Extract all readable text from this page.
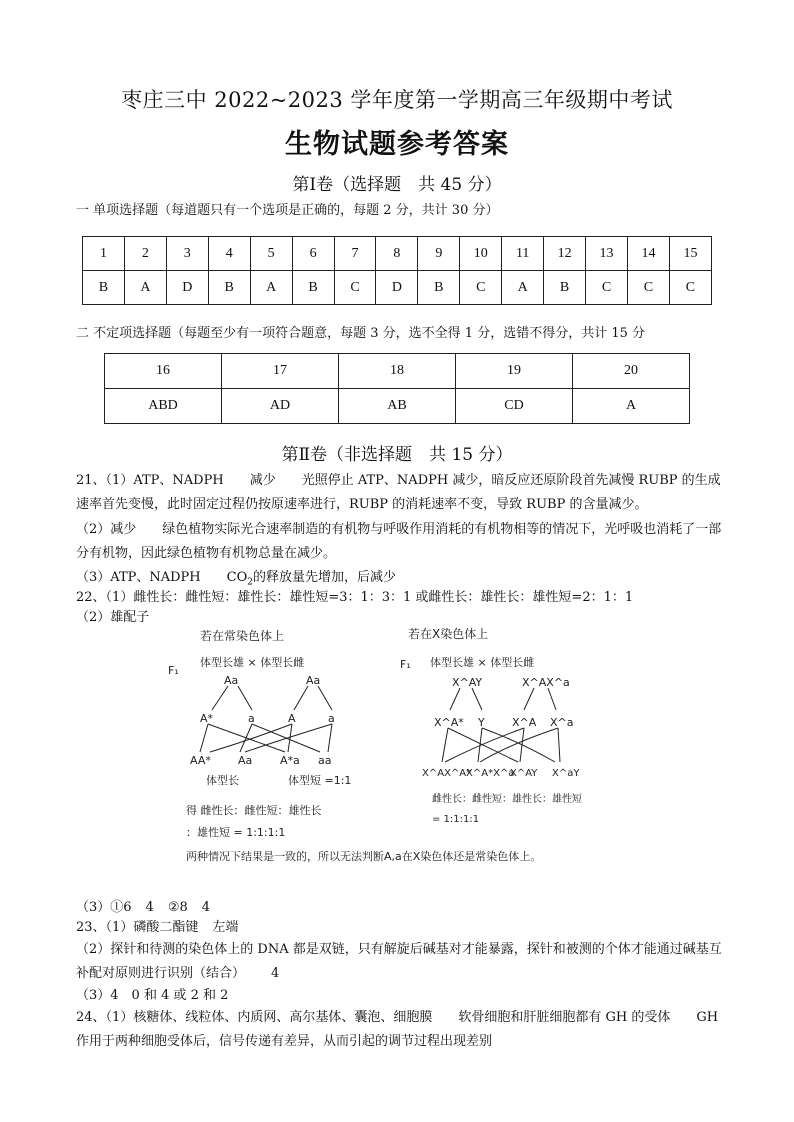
枣庄三中 2022~2023 学年度第一学期高三年级期中考试
生物试题参考答案
第Ⅰ卷（选择题　共 45 分）
一 单项选择题（每道题只有一个选项是正确的，每题 2 分，共计 30 分）
1	2	3	4	5	6	7	8	9	10	11	12	13	14	15
B	A	D	B	A	B	C	D	B	C	A	B	C	C	C
二 不定项选择题（每题至少有一项符合题意，每题 3 分，选不全得 1 分，选错不得分，共计 15 分
16	17	18	19	20
ABD	AD	AB	CD	A
第Ⅱ卷（非选择题　共 15 分）
21、（1）ATP、NADPH 减少 光照停止 ATP、NADPH 减少，暗反应还原阶段首先减慢 RUBP 的生成速率首先变慢，此时固定过程仍按原速率进行，RUBP 的消耗速率不变，导致 RUBP 的含量减少。
（2）减少 绿色植物实际光合速率制造的有机物与呼吸作用消耗的有机物相等的情况下，光呼吸也消耗了一部分有机物，因此绿色植物有机物总量在减少。
（3）ATP、NADPH $CO_2$的释放量先增加，后减少
22、（1）雌性长：雌性短：雄性长：雄性短=3：1：3：1 或雌性长：雄性长：雄性短=2：1：1
（2）雄配子
若在常染色体上	若在X染色体上
F₁	F₁
体型长雄 × 体型长雌	体型长雄 × 体型长雌
Aa	Aa
A*	a	A	a
AA* Aa	A*a aa
体型长	体型短 =1:1
得 雌性长：雌性短：雄性长
：雄性短 = 1:1:1:1
X^AY	X^AX^a
X^A* Y X^A X^a
X^AX^A*
X^A*X^a
X^AY X^aY
雌性长：雌性短：雄性长：雄性短
= 1:1:1:1
两种情况下结果是一致的，所以无法判断A,a在X染色体还是常染色体上。
（3）①6 4 ②8 4
23、（1）磷酸二酯键 左端
（2）探针和待测的染色体上的 DNA 都是双链，只有解旋后碱基对才能暴露，探针和被测的个体才能通过碱基互补配对原则进行识别（结合） 4
（3）4　0 和 4 或 2 和 2
24、（1）核糖体、线粒体、内质网、高尔基体、囊泡、细胞膜 软骨细胞和肝脏细胞都有 GH 的受体 GH 作用于两种细胞受体后，信号传递有差异，从而引起的调节过程出现差别
